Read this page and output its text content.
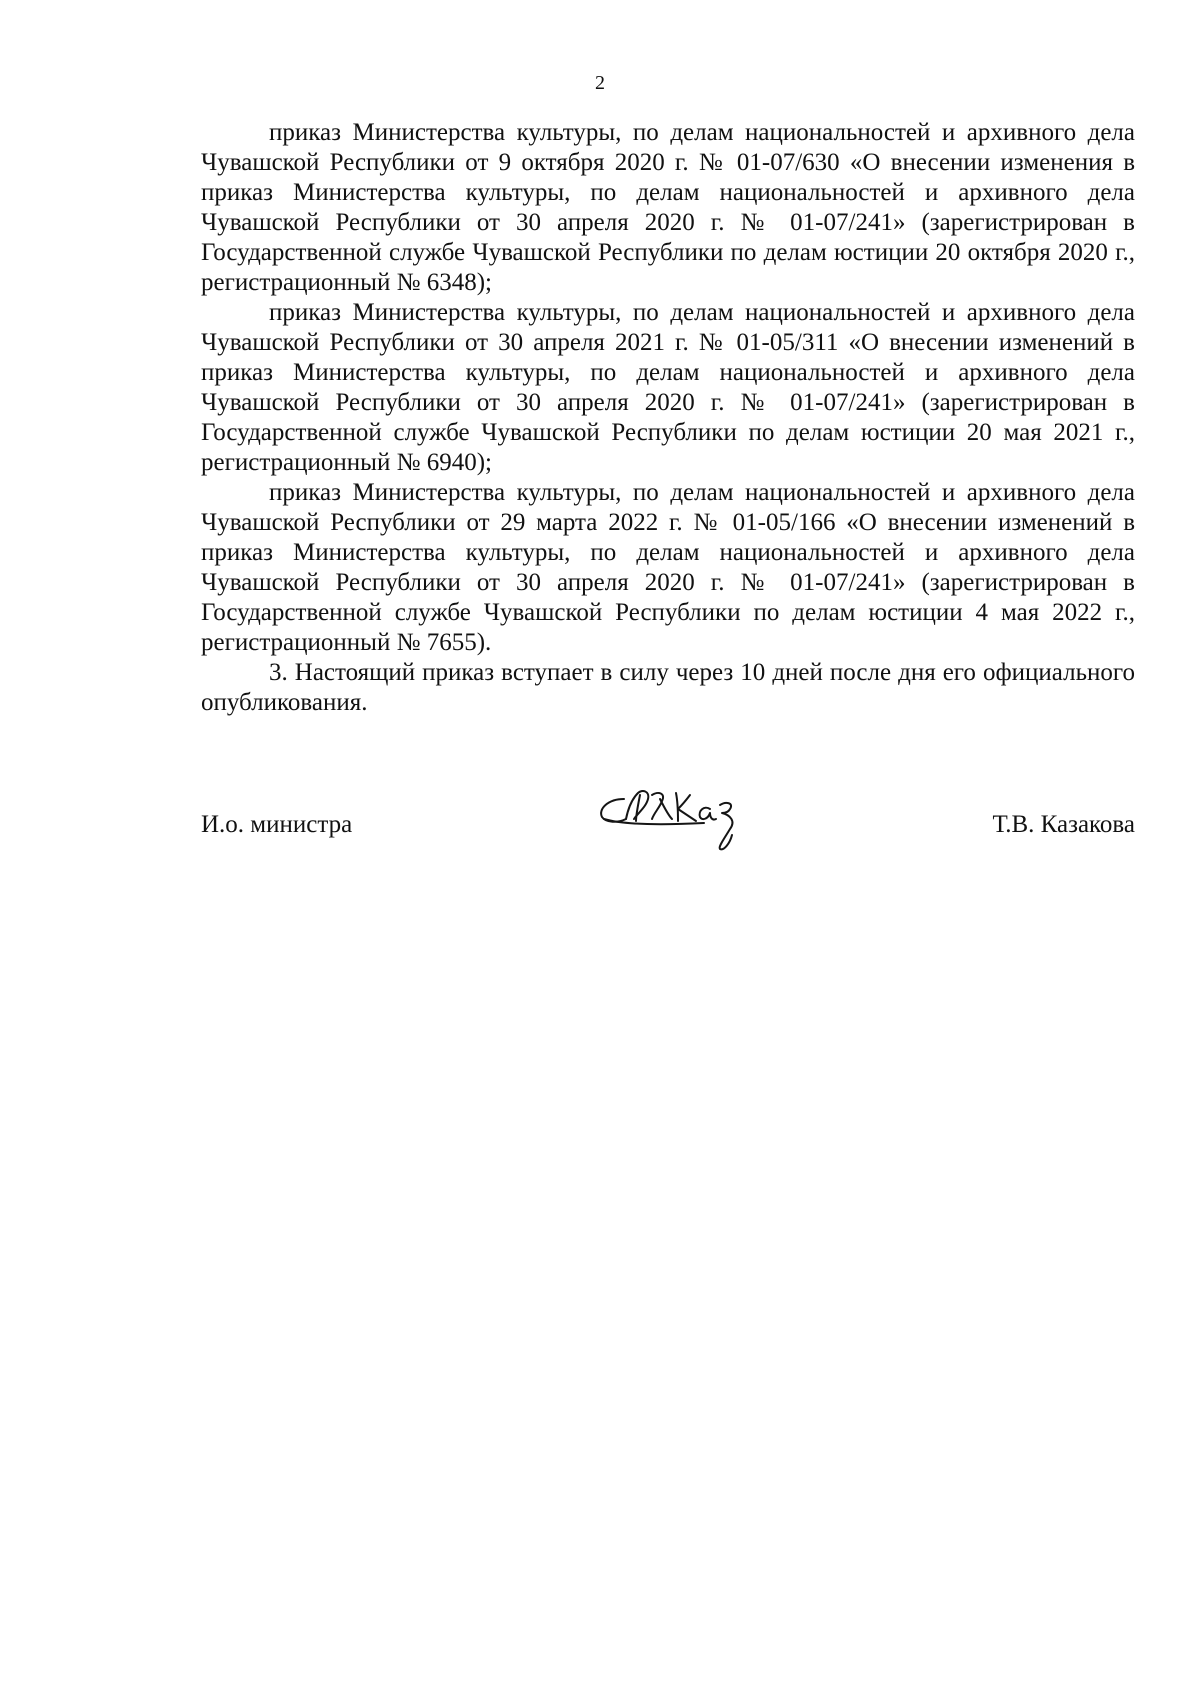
2

приказ Министерства культуры, по делам национальностей и архивного дела Чувашской Республики от 9 октября 2020 г. № 01-07/630 «О внесении изменения в приказ Министерства культуры, по делам национальностей и архивного дела Чувашской Республики от 30 апреля 2020 г. № 01-07/241» (зарегистрирован в Государственной службе Чувашской Республики по делам юстиции 20 октября 2020 г., регистрационный № 6348);

приказ Министерства культуры, по делам национальностей и архивного дела Чувашской Республики от 30 апреля 2021 г. № 01-05/311 «О внесении изменений в приказ Министерства культуры, по делам национальностей и архивного дела Чувашской Республики от 30 апреля 2020 г. № 01-07/241» (зарегистрирован в Государственной службе Чувашской Республики по делам юстиции 20 мая 2021 г., регистрационный № 6940);

приказ Министерства культуры, по делам национальностей и архивного дела Чувашской Республики от 29 марта 2022 г. № 01-05/166 «О внесении изменений в приказ Министерства культуры, по делам национальностей и архивного дела Чувашской Республики от 30 апреля 2020 г. № 01-07/241» (зарегистрирован в Государственной службе Чувашской Республики по делам юстиции 4 мая 2022 г., регистрационный № 7655).

3. Настоящий приказ вступает в силу через 10 дней после дня его официального опубликования.

И.о. министра	Т.В. Казакова
